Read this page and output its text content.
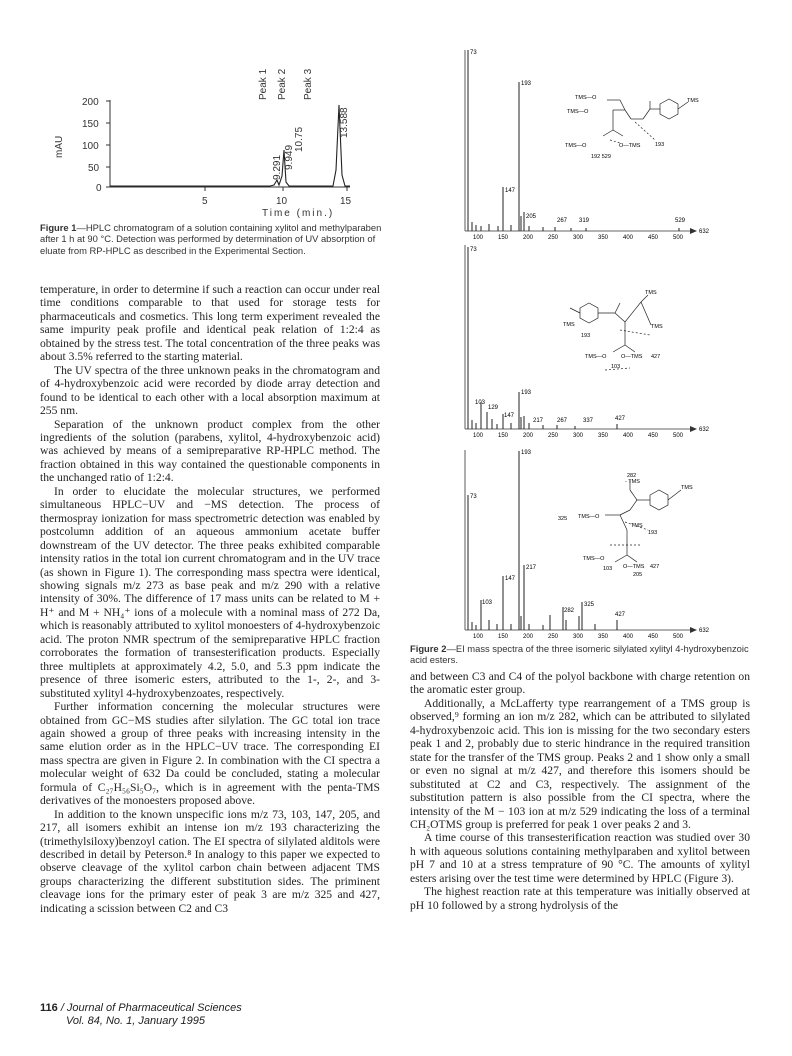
Peak 1 Peak 2 Peak 3
mAU
200
150
100
50
0
5	10	15
Time (min.)
9.291 9.949
10.75
13.588
Figure 1—HPLC chromatogram of a solution containing xylitol and methylparaben after 1 h at 90 °C. Detection was performed by determination of UV absorption of eluate from RP-HPLC as described in the Experimental Section.
73
193
147
205
267 319	529
632
100 150 200 250 300 350 400 450 500
TMS—O
TMS—O
TMS
TMS—O	O—TMS	193
192 529
73
193
103
129
147
217 267	337	427
632
100 150 200 250 300 350 400 450 500
TMS
TMS	TMS
TMS—O	O—TMS
193
427
103
193
73
217
147
103	325
282
427
632
100 150 200 250 300 350 400 450 500
282
- TMS
TMS
325 TMS—O
TMS
193
TMS—O
O—TMS 427
205
103
Figure 2—EI mass spectra of the three isomeric silylated xylityl 4-hydroxybenzoic acid esters.

temperature, in order to determine if such a reaction can occur under real time conditions comparable to that used for storage tests for pharmaceuticals and cosmetics. This long term experiment revealed the same impurity peak profile and identical peak relation of 1:2:4 as obtained by the stress test. The total concentration of the three peaks was about 3.5% referred to the starting material.

The UV spectra of the three unknown peaks in the chromatogram and of 4-hydroxybenzoic acid were recorded by diode array detection and found to be identical to each other with a local absorption maximum at 255 nm.

Separation of the unknown product complex from the other ingredients of the solution (parabens, xylitol, 4-hydroxybenzoic acid) was achieved by means of a semipreparative RP-HPLC method. The fraction obtained in this way contained the questionable components in the unchanged ratio of 1:2:4.

In order to elucidate the molecular structures, we performed simultaneous HPLC−UV and −MS detection. The process of thermospray ionization for mass spectrometric detection was enabled by postcolumn addition of an aqueous ammonium acetate buffer downstream of the UV detector. The three peaks exhibited comparable intensity ratios in the total ion current chromatogram and in the UV trace (as shown in Figure 1). The corresponding mass spectra were identical, showing signals m/z 273 as base peak and m/z 290 with a relative intensity of 30%. The difference of 17 mass units can be related to M + H⁺ and M + NH₄⁺ ions of a molecule with a nominal mass of 272 Da, which is reasonably attributed to xylitol monoesters of 4-hydroxybenzoic acid. The proton NMR spectrum of the semipreparative HPLC fraction corroborates the formation of transesterification products. Especially three multiplets at approximately 4.2, 5.0, and 5.3 ppm indicate the presence of three isomeric esters, attributed to the 1-, 2-, and 3-substituted xylityl 4-hydroxybenzoates, respectively.

Further information concerning the molecular structures were obtained from GC−MS studies after silylation. The GC total ion trace again showed a group of three peaks with increasing intensity in the same elution order as in the HPLC−UV trace. The corresponding EI mass spectra are given in Figure 2. In combination with the CI spectra a molecular weight of 632 Da could be concluded, stating a molecular formula of C₂₇H₅₆Si₅O₇, which is in agreement with the penta-TMS derivatives of the monoesters proposed above.

In addition to the known unspecific ions m/z 73, 103, 147, 205, and 217, all isomers exhibit an intense ion m/z 193 characterizing the (trimethylsiloxy)benzoyl cation. The EI spectra of silylated alditols were described in detail by Peterson.⁸ In analogy to this paper we expected to observe cleavage of the xylitol carbon chain between adjacent TMS groups characterizing the different substitution sides. The priminent cleavage ions for the primary ester of peak 3 are m/z 325 and 427, indicating a scission between C2 and C3

and between C3 and C4 of the polyol backbone with charge retention on the aromatic ester group.

Additionally, a McLafferty type rearrangement of a TMS group is observed,⁹ forming an ion m/z 282, which can be attributed to silylated 4-hydroxybenzoic acid. This ion is missing for the two secondary esters peak 1 and 2, probably due to steric hindrance in the required transition state for the transfer of the TMS group. Peaks 2 and 1 show only a small or even no signal at m/z 427, and therefore this isomers should be substituted at C2 and C3, respectively. The assignment of the substitution pattern is also possible from the CI spectra, where the intensity of the M − 103 ion at m/z 529 indicating the loss of a terminal CH₂OTMS group is preferred for peak 1 over peaks 2 and 3.

A time course of this transesterification reaction was studied over 30 h with aqueous solutions containing methylparaben and xylitol between pH 7 and 10 at a stress temprature of 90 °C. The amounts of xylityl esters arising over the test time were determined by HPLC (Figure 3).

The highest reaction rate at this temperature was initially observed at pH 10 followed by a strong hydrolysis of the

116 / Journal of Pharmaceutical Sciences
Vol. 84, No. 1, January 1995
